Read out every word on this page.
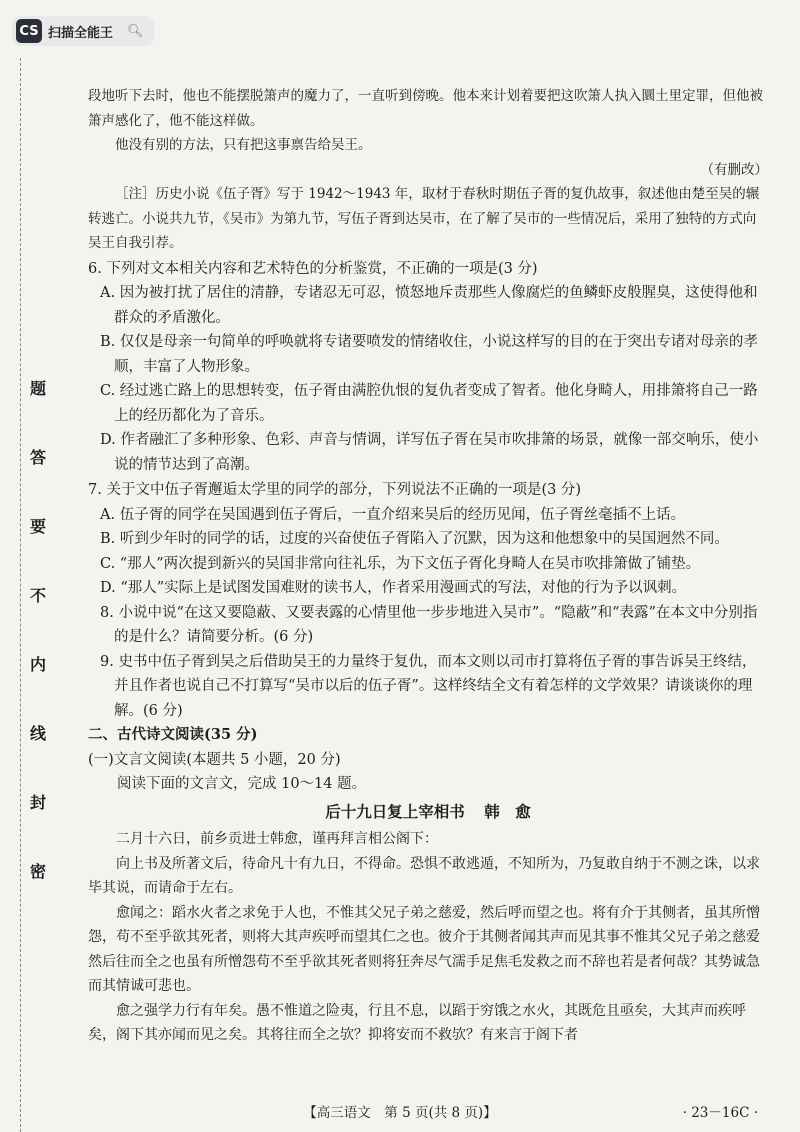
CS 扫描全能王 🔍︎
题
答
要
不
内
线
封
密

段地听下去时，他也不能摆脱箫声的魔力了，一直听到傍晚。他本来计划着要把这吹箫人执入圜土里定罪，但他被箫声感化了，他不能这样做。

他没有别的方法，只有把这事禀告给吴王。

（有删改）

［注］历史小说《伍子胥》写于 1942～1943 年，取材于春秋时期伍子胥的复仇故事，叙述他由楚至吴的辗转逃亡。小说共九节，《吴市》为第九节，写伍子胥到达吴市，在了解了吴市的一些情况后，采用了独特的方式向吴王自我引荐。

6. 下列对文本相关内容和艺术特色的分析鉴赏，不正确的一项是(3 分)

A. 因为被打扰了居住的清静，专诸忍无可忍，愤怒地斥责那些人像腐烂的鱼鳞虾皮般腥臭，这使得他和群众的矛盾激化。

B. 仅仅是母亲一句简单的呼唤就将专诸要喷发的情绪收住，小说这样写的目的在于突出专诸对母亲的孝顺，丰富了人物形象。

C. 经过逃亡路上的思想转变，伍子胥由满腔仇恨的复仇者变成了智者。他化身畸人，用排箫将自己一路上的经历都化为了音乐。

D. 作者融汇了多种形象、色彩、声音与情调，详写伍子胥在吴市吹排箫的场景，就像一部交响乐，使小说的情节达到了高潮。

7. 关于文中伍子胥邂逅太学里的同学的部分，下列说法不正确的一项是(3 分)

A. 伍子胥的同学在吴国遇到伍子胥后，一直介绍来吴后的经历见闻，伍子胥丝毫插不上话。

B. 听到少年时的同学的话，过度的兴奋使伍子胥陷入了沉默，因为这和他想象中的吴国迥然不同。

C. “那人”两次提到新兴的吴国非常向往礼乐，为下文伍子胥化身畸人在吴市吹排箫做了铺垫。

D. “那人”实际上是试图发国难财的读书人，作者采用漫画式的写法，对他的行为予以讽刺。

8. 小说中说“在这又要隐蔽、又要表露的心情里他一步步地进入吴市”。“隐蔽”和“表露”在本文中分别指的是什么？请简要分析。(6 分)

9. 史书中伍子胥到吴之后借助吴王的力量终于复仇，而本文则以司市打算将伍子胥的事告诉吴王终结，并且作者也说自己不打算写“吴市以后的伍子胥”。这样终结全文有着怎样的文学效果？请谈谈你的理解。(6 分)

二、古代诗文阅读(35 分)

(一)文言文阅读(本题共 5 小题，20 分)

阅读下面的文言文，完成 10～14 题。

后十九日复上宰相书 韩　愈

二月十六日，前乡贡进士韩愈，谨再拜言相公阁下：

向上书及所著文后，待命凡十有九日，不得命。恐惧不敢逃遁，不知所为，乃复敢自纳于不测之诛，以求毕其说，而请命于左右。

愈闻之：蹈水火者之求免于人也，不惟其父兄子弟之慈爱，然后呼而望之也。将有介于其侧者，虽其所憎怨，苟不至乎欲其死者，则将大其声疾呼而望其仁之也。彼介于其侧者闻其声而见其事不惟其父兄子弟之慈爱然后往而全之也虽有所憎怨苟不至乎欲其死者则将狂奔尽气濡手足焦毛发救之而不辞也若是者何哉？其势诚急而其情诚可悲也。

愈之强学力行有年矣。愚不惟道之险夷，行且不息，以蹈于穷饿之水火，其既危且亟矣，大其声而疾呼矣，阁下其亦闻而见之矣。其将往而全之欤？抑将安而不救欤？有来言于阁下者

【高三语文　第 5 页(共 8 页)】	· 23－16C ·
